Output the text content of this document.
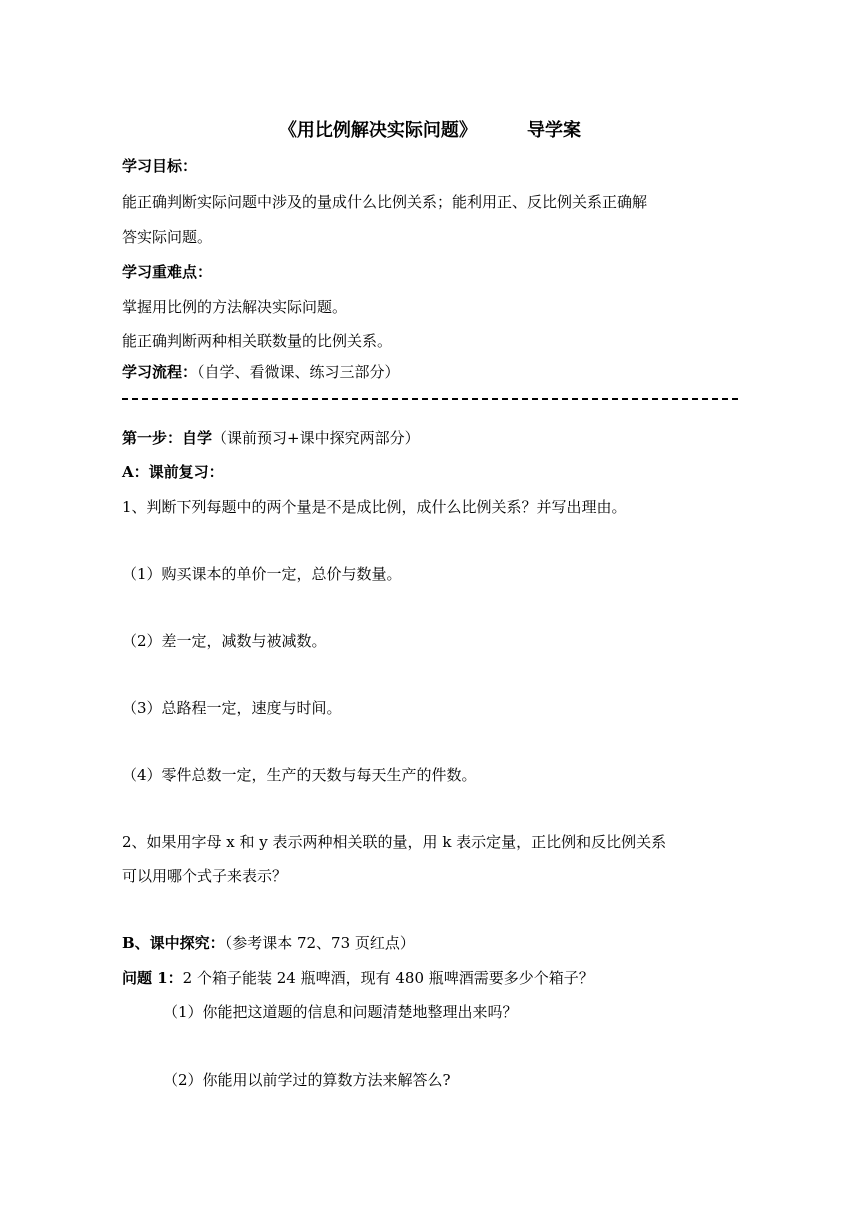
《用比例解决实际问题》        导学案
学习目标：
能正确判断实际问题中涉及的量成什么比例关系；能利用正、反比例关系正确解
答实际问题。
学习重难点：
掌握用比例的方法解决实际问题。
能正确判断两种相关联数量的比例关系。
学习流程：（自学、看微课、练习三部分）
第一步：自学（课前预习+课中探究两部分）
A：课前复习：
1、判断下列每题中的两个量是不是成比例，成什么比例关系？并写出理由。
（1）购买课本的单价一定，总价与数量。
（2）差一定，减数与被减数。
（3）总路程一定，速度与时间。
（4）零件总数一定，生产的天数与每天生产的件数。
2、如果用字母 x 和 y 表示两种相关联的量，用 k 表示定量，正比例和反比例关系
可以用哪个式子来表示？
B、课中探究：（参考课本 72、73 页红点）
问题 1：2 个箱子能装 24 瓶啤酒，现有 480 瓶啤酒需要多少个箱子？
（1）你能把这道题的信息和问题清楚地整理出来吗？
（2）你能用以前学过的算数方法来解答么?
